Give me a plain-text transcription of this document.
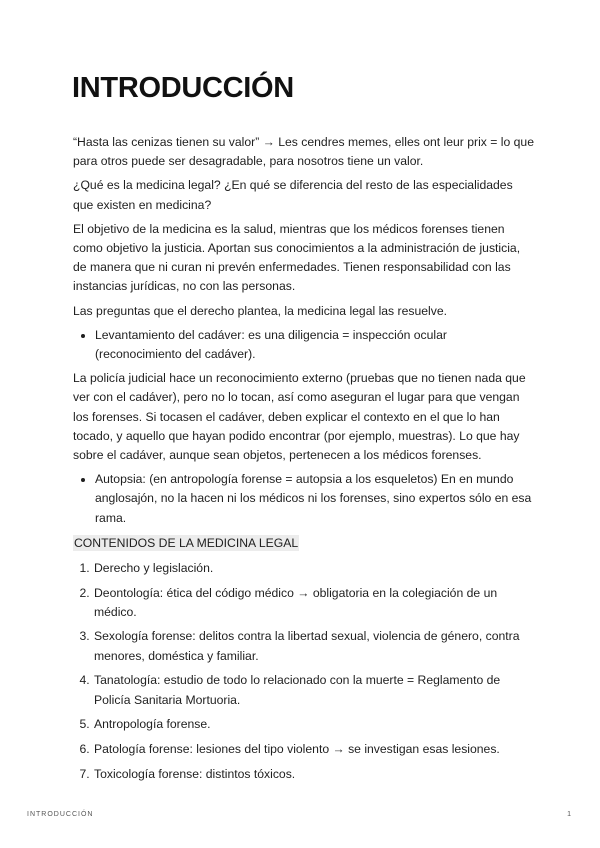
INTRODUCCIÓN

“Hasta las cenizas tienen su valor” → Les cendres memes, elles ont leur prix = lo que para otros puede ser desagradable, para nosotros tiene un valor.

¿Qué es la medicina legal? ¿En qué se diferencia del resto de las especialidades que existen en medicina?

El objetivo de la medicina es la salud, mientras que los médicos forenses tienen como objetivo la justicia. Aportan sus conocimientos a la administración de justicia, de manera que ni curan ni prevén enfermedades. Tienen responsabilidad con las instancias jurídicas, no con las personas.

Las preguntas que el derecho plantea, la medicina legal las resuelve.

• Levantamiento del cadáver: es una diligencia = inspección ocular (reconocimiento del cadáver).

La policía judicial hace un reconocimiento externo (pruebas que no tienen nada que ver con el cadáver), pero no lo tocan, así como aseguran el lugar para que vengan los forenses. Si tocasen el cadáver, deben explicar el contexto en el que lo han tocado, y aquello que hayan podido encontrar (por ejemplo, muestras). Lo que hay sobre el cadáver, aunque sean objetos, pertenecen a los médicos forenses.

• Autopsia: (en antropología forense = autopsia a los esqueletos) En en mundo anglosajón, no la hacen ni los médicos ni los forenses, sino expertos sólo en esa rama.
CONTENIDOS DE LA MEDICINA LEGAL
1. Derecho y legislación.
2. Deontología: ética del código médico → obligatoria en la colegiación de un médico.
3. Sexología forense: delitos contra la libertad sexual, violencia de género, contra menores, doméstica y familiar.
4. Tanatología: estudio de todo lo relacionado con la muerte = Reglamento de Policía Sanitaria Mortuoria.
5. Antropología forense.
6. Patología forense: lesiones del tipo violento → se investigan esas lesiones.
7. Toxicología forense: distintos tóxicos.
INTRODUCCIÓN	1
